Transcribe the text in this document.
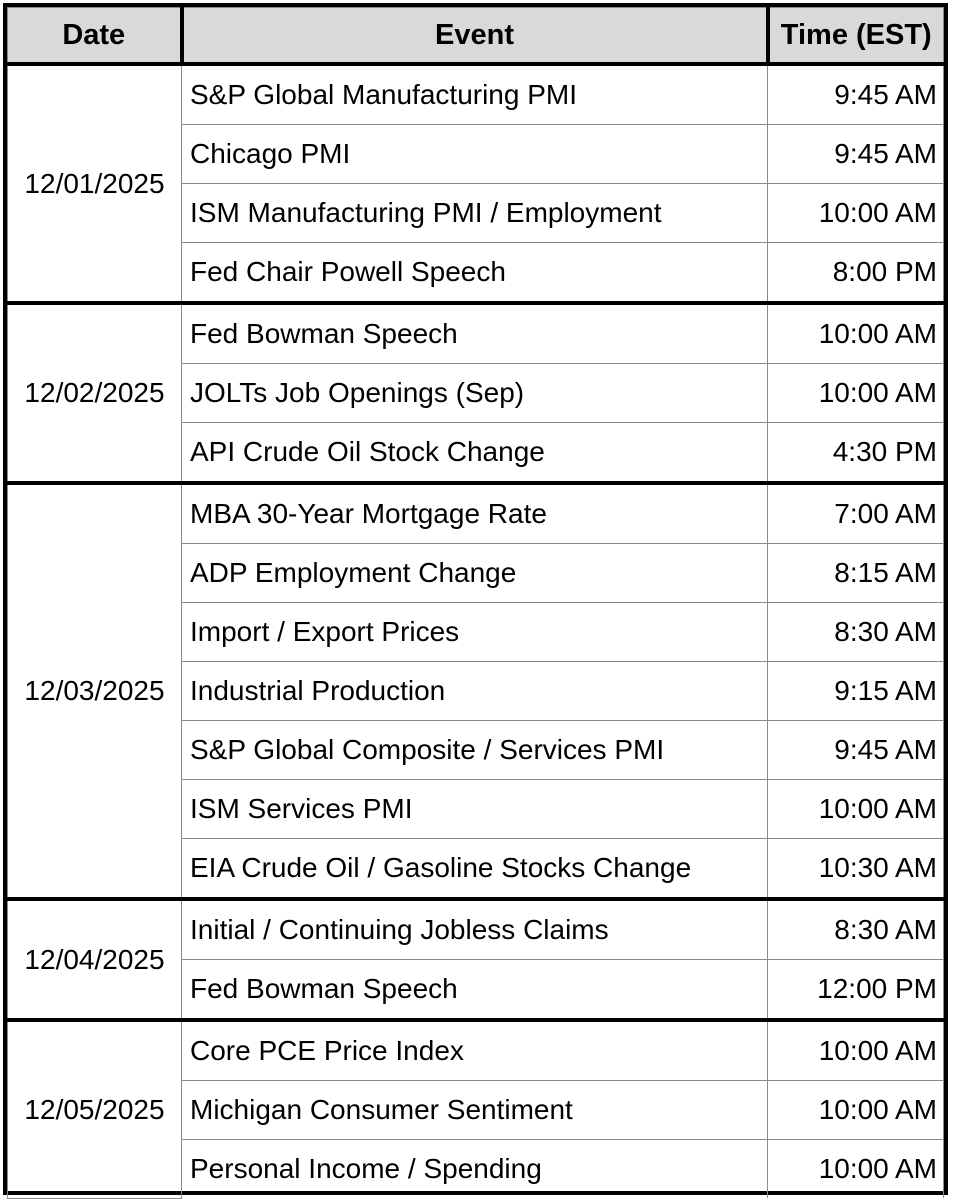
Date	Event	Time (EST)
12/01/2025	S&P Global Manufacturing PMI	9:45 AM
	Chicago PMI	9:45 AM
	ISM Manufacturing PMI / Employment	10:00 AM
	Fed Chair Powell Speech	8:00 PM
12/02/2025	Fed Bowman Speech	10:00 AM
	JOLTs Job Openings (Sep)	10:00 AM
	API Crude Oil Stock Change	4:30 PM
12/03/2025	MBA 30-Year Mortgage Rate	7:00 AM
	ADP Employment Change	8:15 AM
	Import / Export Prices	8:30 AM
	Industrial Production	9:15 AM
	S&P Global Composite / Services PMI	9:45 AM
	ISM Services PMI	10:00 AM
	EIA Crude Oil / Gasoline Stocks Change	10:30 AM
12/04/2025	Initial / Continuing Jobless Claims	8:30 AM
	Fed Bowman Speech	12:00 PM
12/05/2025	Core PCE Price Index	10:00 AM
	Michigan Consumer Sentiment	10:00 AM
	Personal Income / Spending	10:00 AM
